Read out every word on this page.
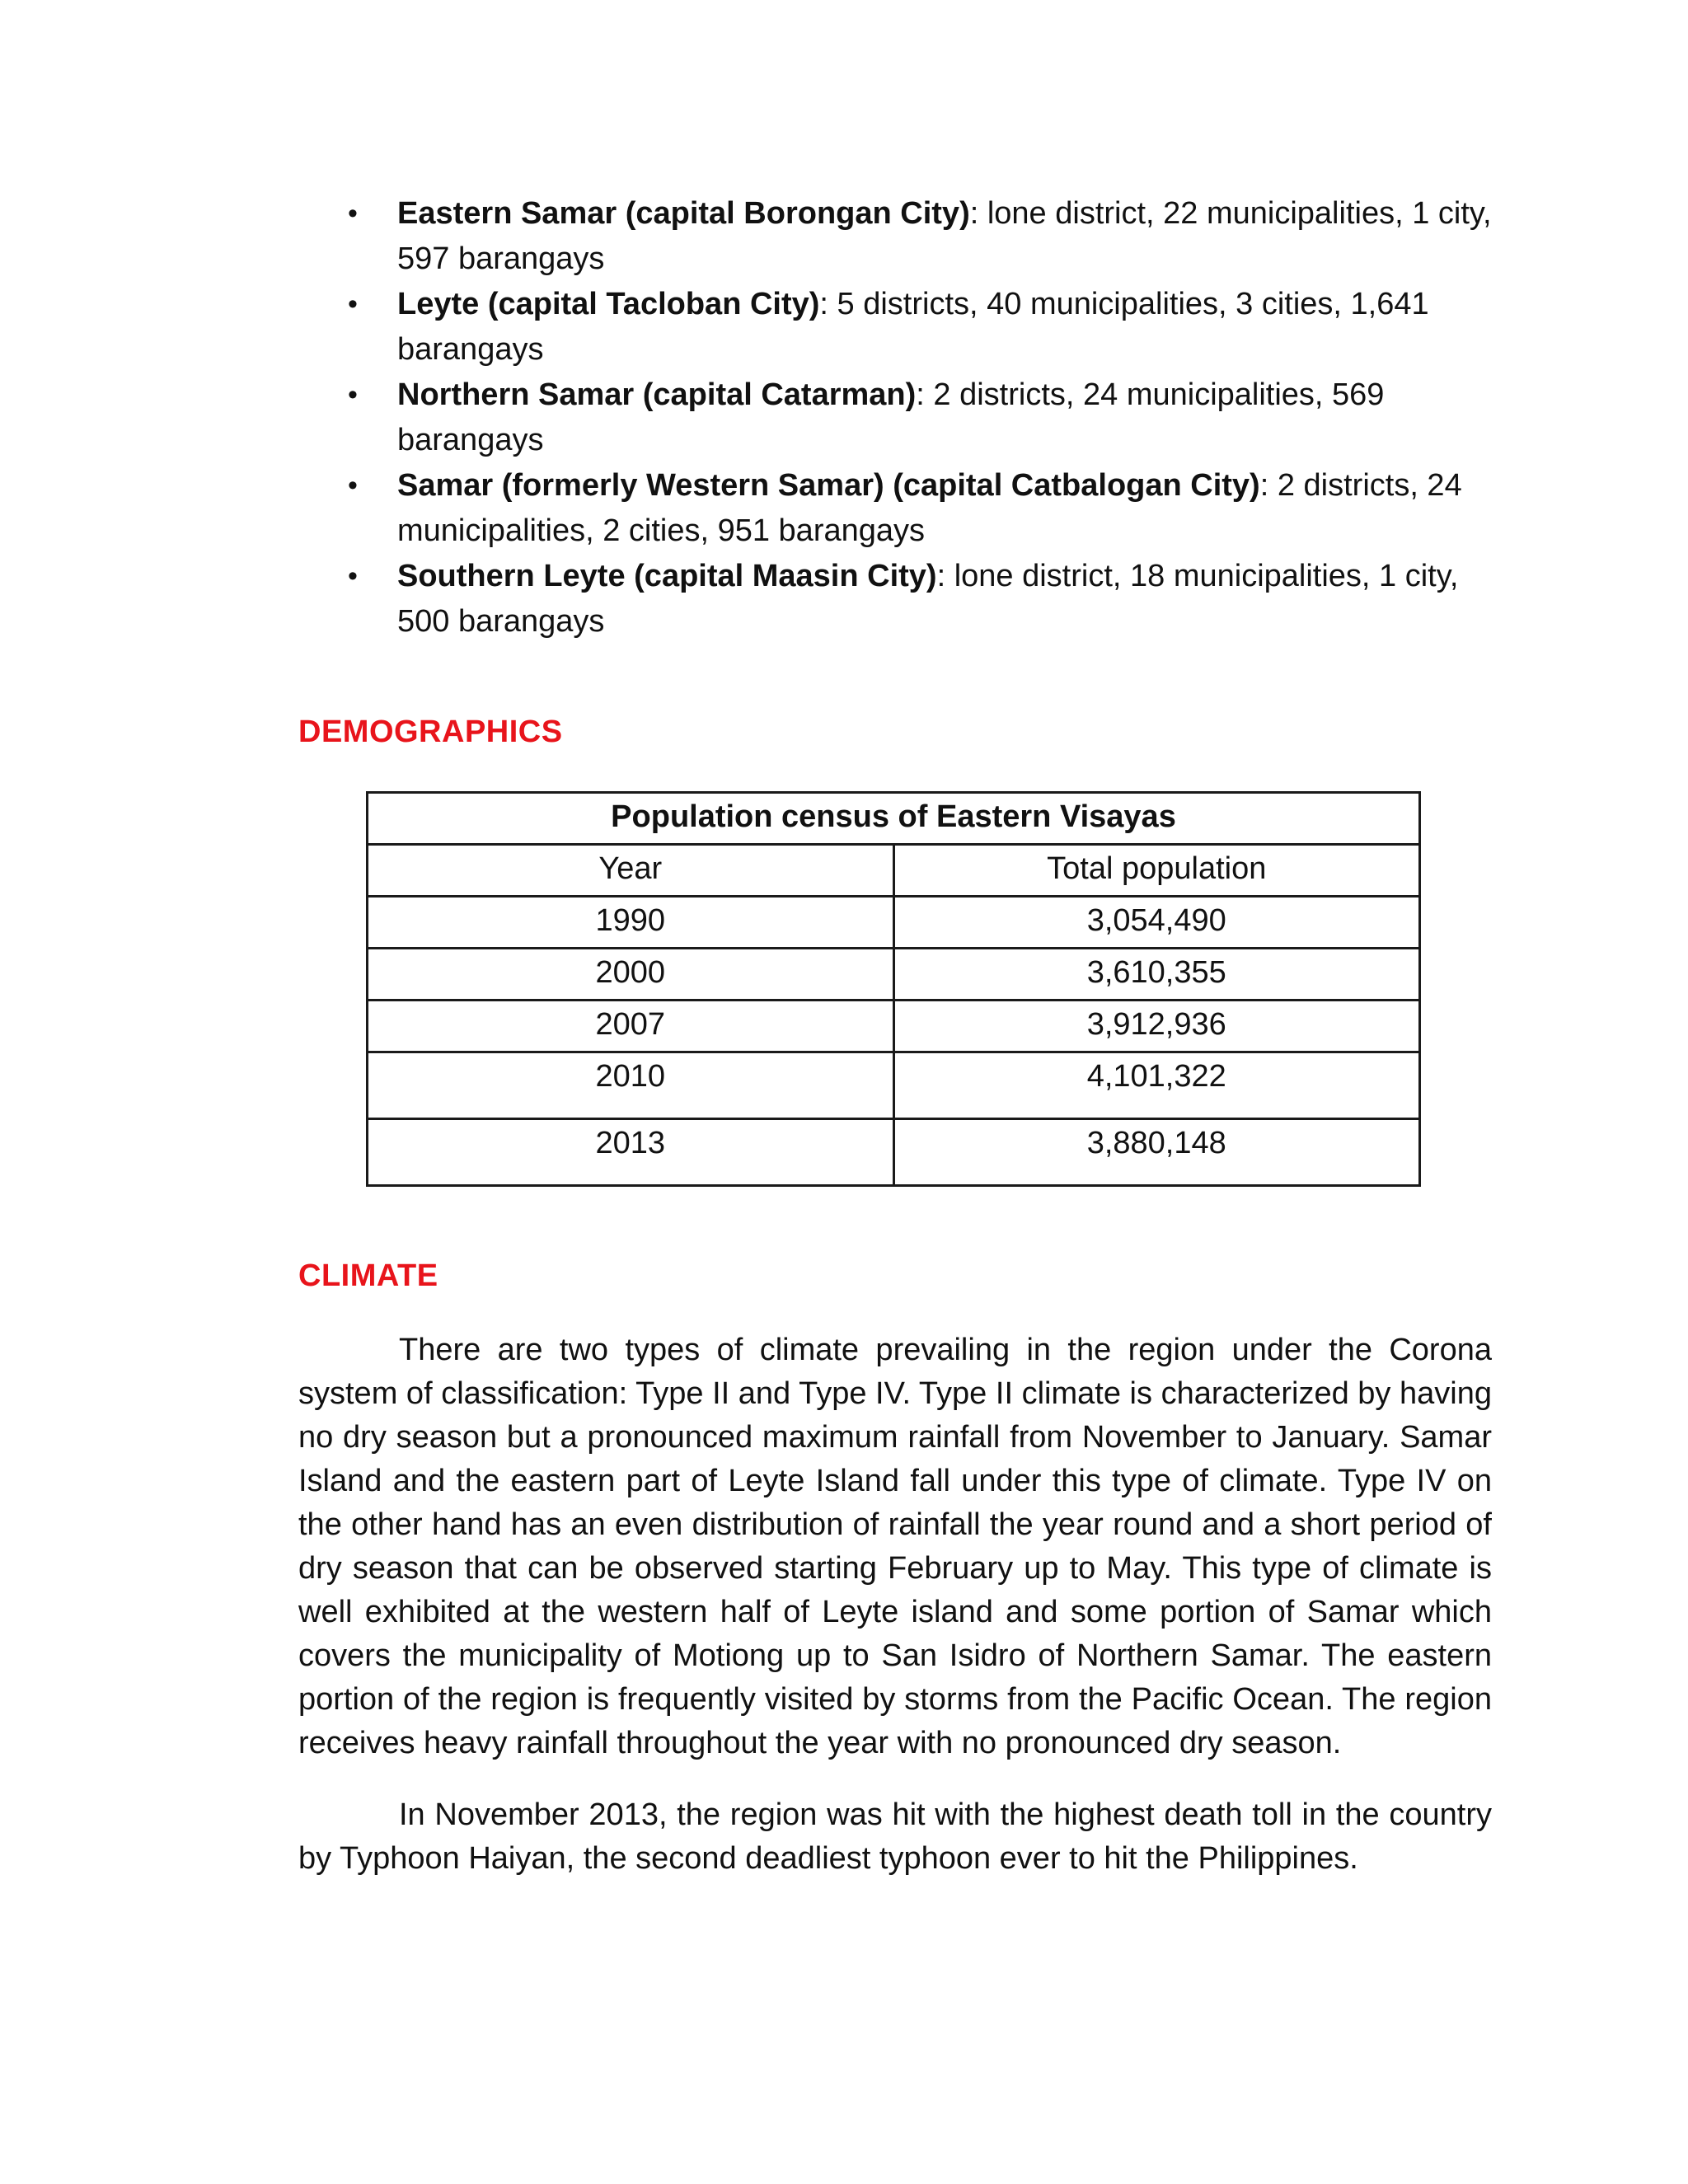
• Eastern Samar (capital Borongan City): lone district, 22 municipalities, 1 city, 597 barangays
• Leyte (capital Tacloban City): 5 districts, 40 municipalities, 3 cities, 1,641 barangays
• Northern Samar (capital Catarman): 2 districts, 24 municipalities, 569 barangays
• Samar (formerly Western Samar) (capital Catbalogan City): 2 districts, 24 municipalities, 2 cities, 951 barangays
• Southern Leyte (capital Maasin City): lone district, 18 municipalities, 1 city, 500 barangays
DEMOGRAPHICS
Population census of Eastern Visayas	
Year	Total population
1990	3,054,490
2000	3,610,355
2007	3,912,936
2010	4,101,322
2013	3,880,148
CLIMATE

There are two types of climate prevailing in the region under the Corona system of classification: Type II and Type IV. Type II climate is characterized by having no dry season but a pronounced maximum rainfall from November to January. Samar Island and the eastern part of Leyte Island fall under this type of climate. Type IV on the other hand has an even distribution of rainfall the year round and a short period of dry season that can be observed starting February up to May. This type of climate is well exhibited at the western half of Leyte island and some portion of Samar which covers the municipality of Motiong up to San Isidro of Northern Samar. The eastern portion of the region is frequently visited by storms from the Pacific Ocean. The region receives heavy rainfall throughout the year with no pronounced dry season.

In November 2013, the region was hit with the highest death toll in the country by Typhoon Haiyan, the second deadliest typhoon ever to hit the Philippines.
